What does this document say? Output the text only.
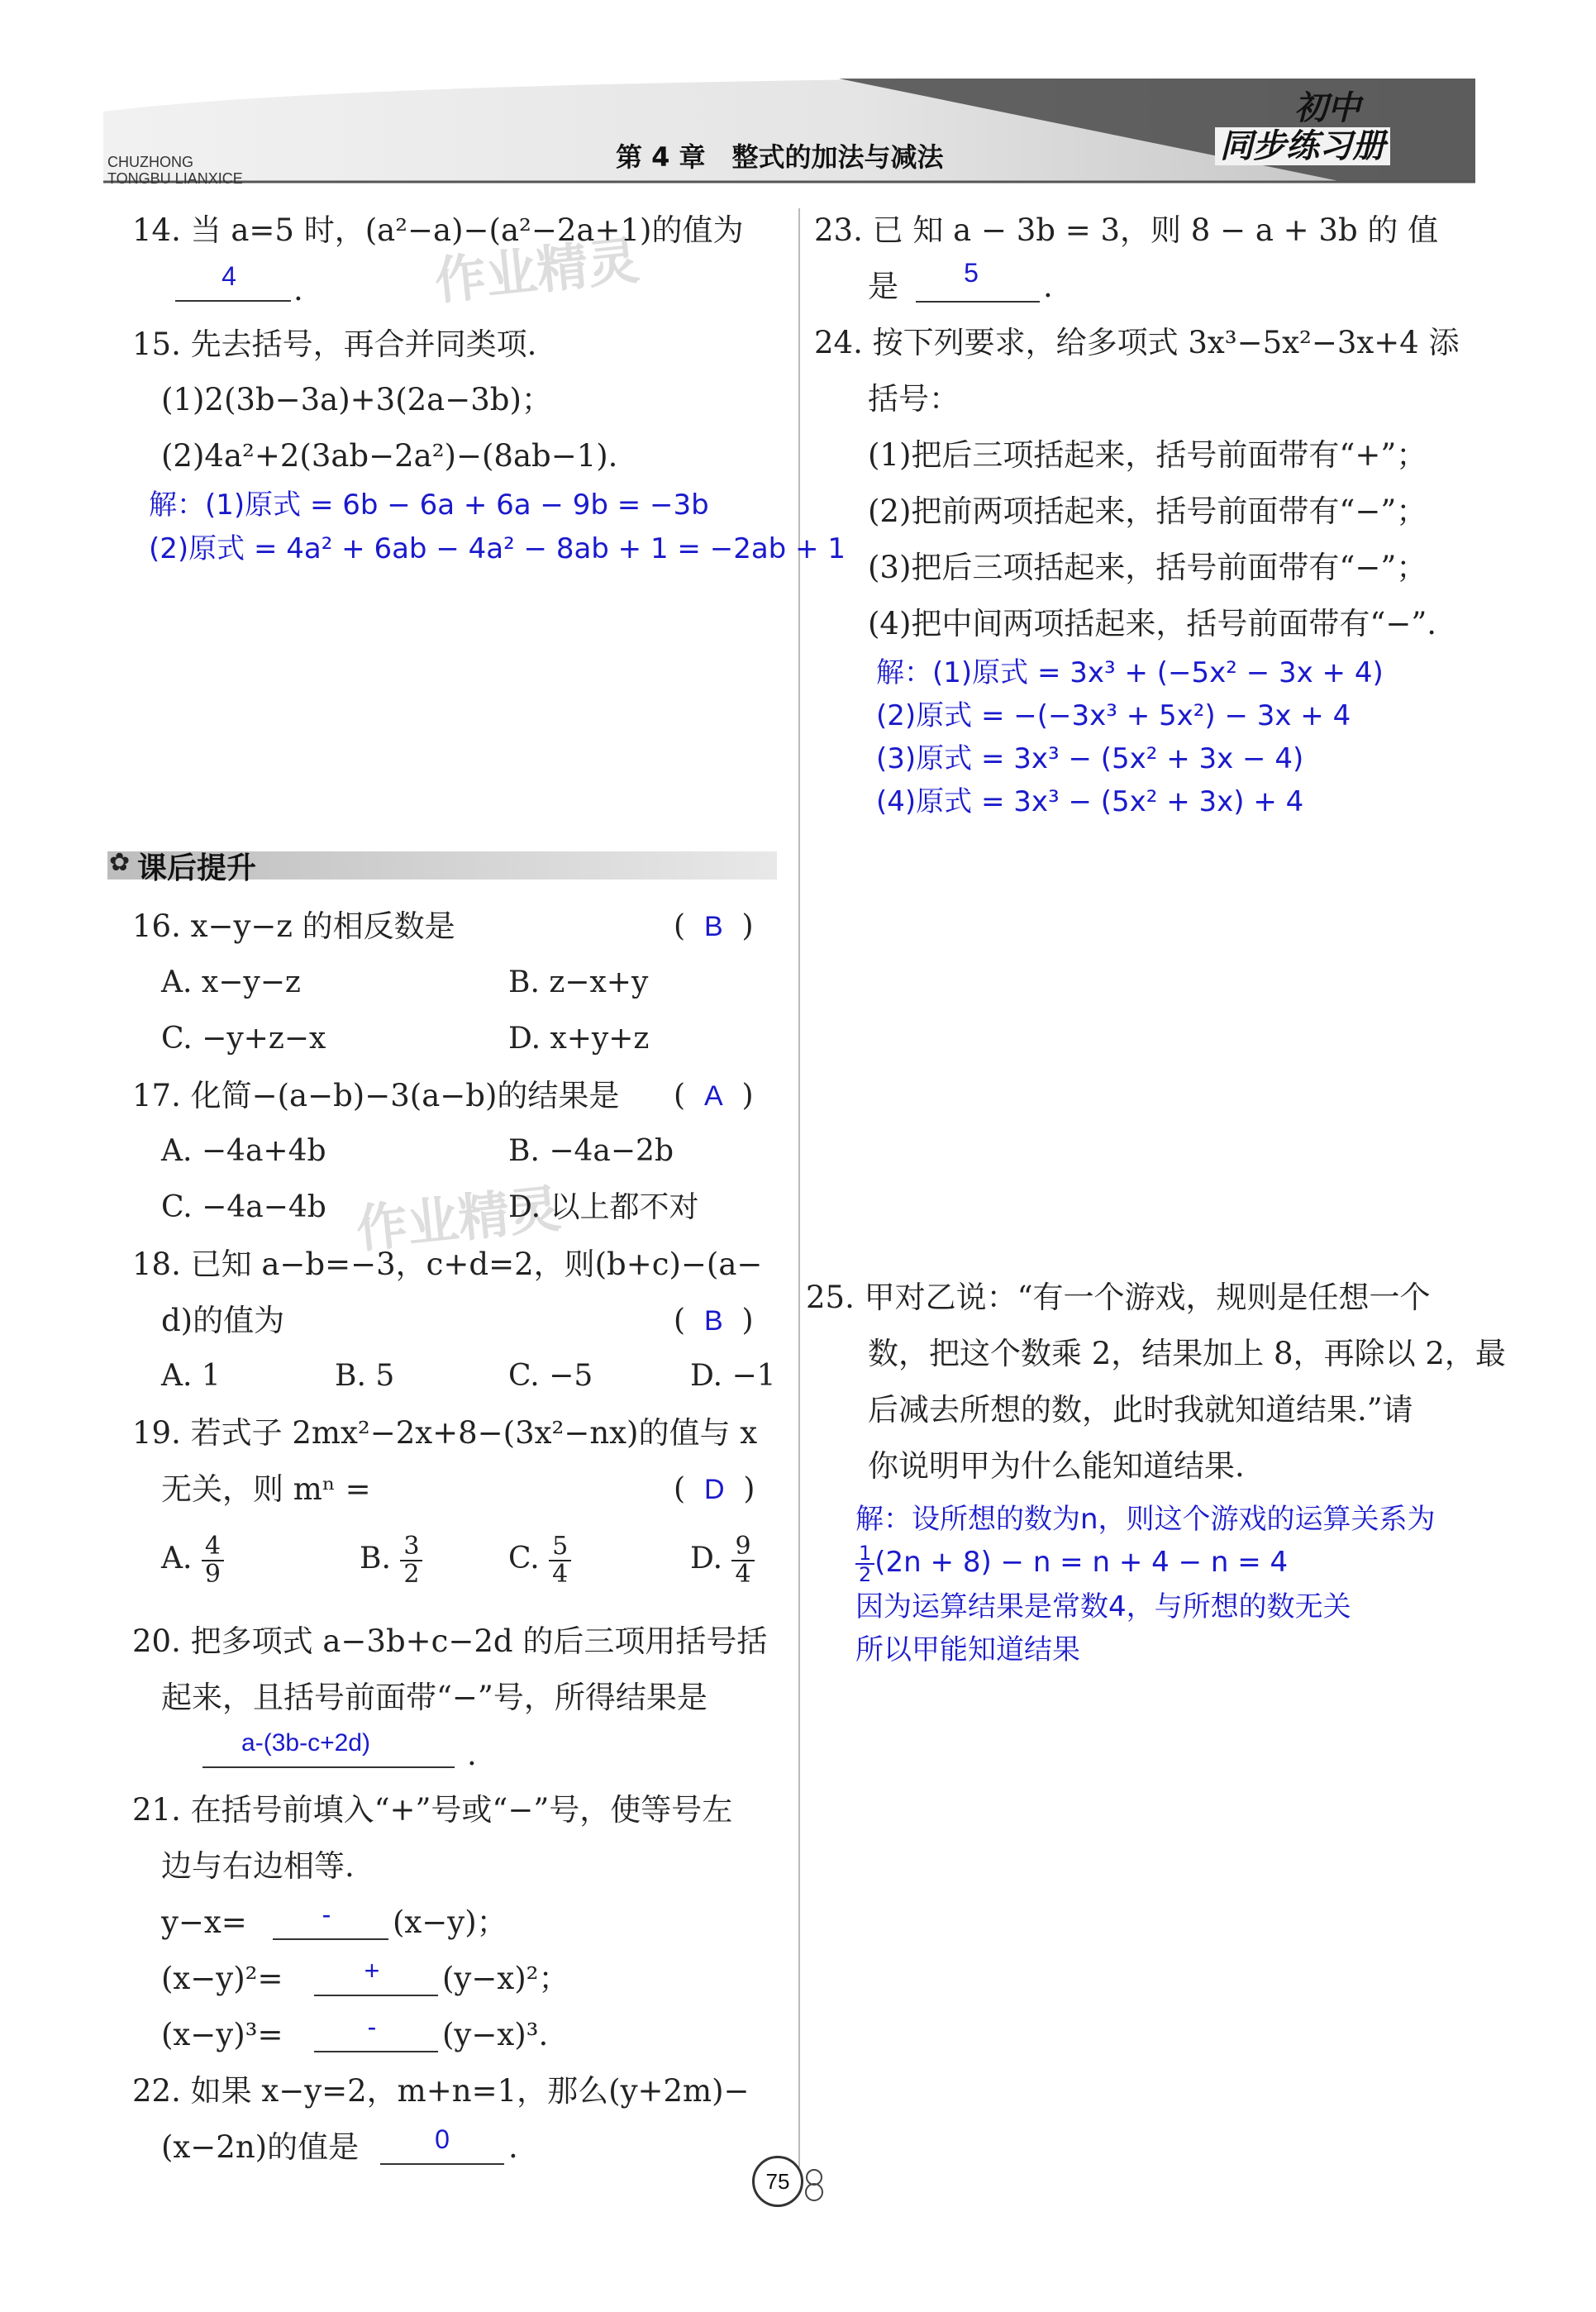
CHUZHONG
TONGBU LIANXICE
第 4 章　整式的加法与减法
初中
同步练习册
作业精灵
作业精灵
14. 当 a=5 时，(a²−a)−(a²−2a+1)的值为
4	.
15. 先去括号，再合并同类项.
(1)2(3b−3a)+3(2a−3b)；
(2)4a²+2(3ab−2a²)−(8ab−1).
解：(1)原式 = 6b − 6a + 6a − 9b = −3b
(2)原式 = 4a² + 6ab − 4a² − 8ab + 1 = −2ab + 1
✿ 课后提升
16. x−y−z 的相反数是	(  B  )
A. x−y−z	B. z−x+y
C. −y+z−x	D. x+y+z
17. 化简−(a−b)−3(a−b)的结果是 (  A  )
A. −4a+4b	B. −4a−2b
C. −4a−4b	D. 以上都不对
18. 已知 a−b=−3，c+d=2，则(b+c)−(a−
d)的值为	(  B  )
A. 1	B. 5	C. −5	D. −1
19. 若式子 2mx²−2x+8−(3x²−nx)的值与 x
无关，则 mⁿ =	(  D  )
A. $\frac{4}{9}$	B. $\frac{3}{2}$	C. $\frac{5}{4}$	D. $\frac{9}{4}$
20. 把多项式 a−3b+c−2d 的后三项用括号括
起来，且括号前面带“−”号，所得结果是
a-(3b-c+2d)	.
21. 在括号前填入“+”号或“−”号，使等号左
边与右边相等.
y−x=	-	(x−y)；
(x−y)²=	+	(y−x)²；
(x−y)³=	-	(y−x)³.
22. 如果 x−y=2，m+n=1，那么(y+2m)−
(x−2n)的值是	0	.
23. 已 知 a − 3b = 3，则 8 − a + 3b 的 值
是	5	.
24. 按下列要求，给多项式 3x³−5x²−3x+4 添
括号：
(1)把后三项括起来，括号前面带有“+”；
(2)把前两项括起来，括号前面带有“−”；
(3)把后三项括起来，括号前面带有“−”；
(4)把中间两项括起来，括号前面带有“−”.
解：(1)原式 = 3x³ + (−5x² − 3x + 4)
(2)原式 = −(−3x³ + 5x²) − 3x + 4
(3)原式 = 3x³ − (5x² + 3x − 4)
(4)原式 = 3x³ − (5x² + 3x) + 4
25. 甲对乙说：“有一个游戏，规则是任想一个
数，把这个数乘 2，结果加上 8，再除以 2，最
后减去所想的数，此时我就知道结果.”请
你说明甲为什么能知道结果.
解：设所想的数为n，则这个游戏的运算关系为
$\frac{1}{2} (2n + 8) - n = n + 4 - n = 4$
因为运算结果是常数4，与所想的数无关
所以甲能知道结果
75
